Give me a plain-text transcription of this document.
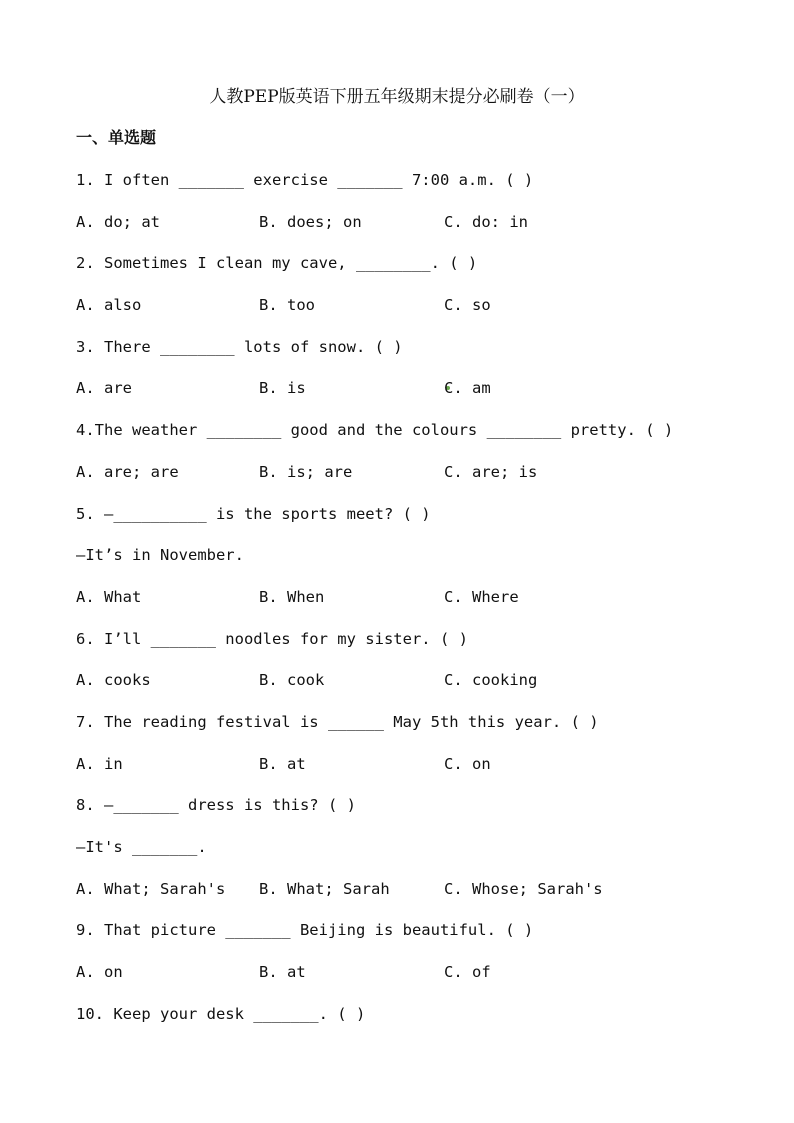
人教PEP版英语下册五年级期末提分必刷卷（一）
一、单选题
1. I often _______ exercise _______ 7:00 a.m. ( )
A. do; at	B. does; on	C. do: in
2. Sometimes I clean my cave, ________. ( )
A. also	B. too	C. so
3. There ________ lots of snow. ( )
A. are	B. is	C. am
4.The weather ________ good and the colours ________ pretty. ( )
A. are; are	B. is; are	C. are; is
5. —__________ is the sports meet? ( )
—It’s in November.
A. What	B. When	C. Where
6. I’ll _______ noodles for my sister. ( )
A. cooks	B. cook	C. cooking
7. The reading festival is ______ May 5th this year. ( )
A. in	B. at	C. on
8. —_______ dress is this? ( )
—It's _______.
A. What; Sarah's B. What; Sarah	C. Whose; Sarah's
9. That picture _______ Beijing is beautiful. ( )
A. on	B. at	C. of
10. Keep your desk _______. ( )
